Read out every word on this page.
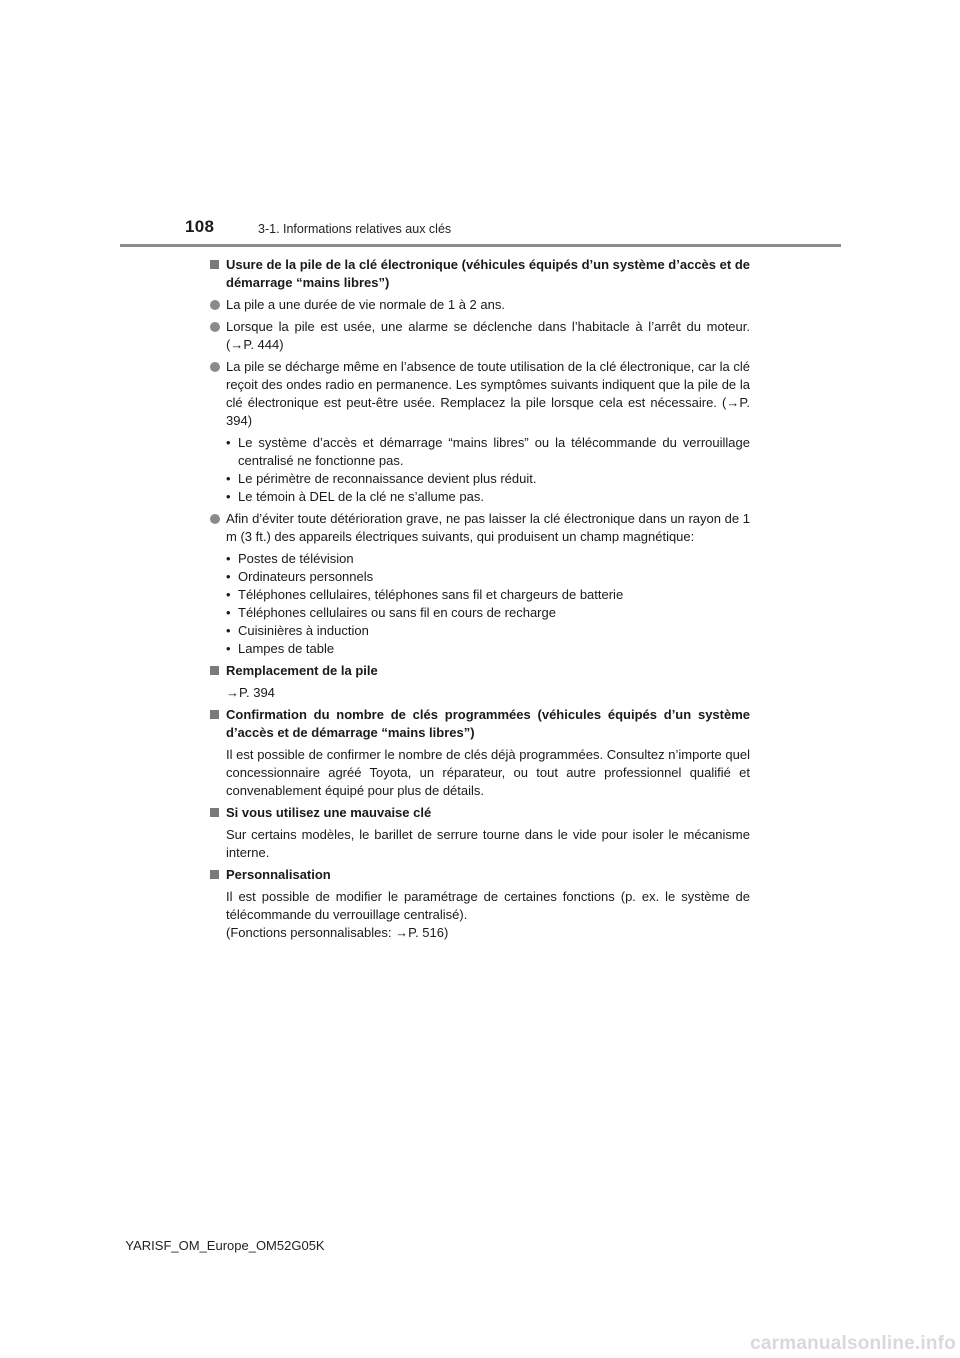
108	3-1. Informations relatives aux clés
Usure de la pile de la clé électronique (véhicules équipés d’un système d’accès et de démarrage “mains libres”)
La pile a une durée de vie normale de 1 à 2 ans.
Lorsque la pile est usée, une alarme se déclenche dans l’habitacle à l’arrêt du moteur. (→P. 444)
La pile se décharge même en l’absence de toute utilisation de la clé électronique, car la clé reçoit des ondes radio en permanence. Les symptômes suivants indiquent que la pile de la clé électronique est peut-être usée. Remplacez la pile lorsque cela est nécessaire. (→P. 394)
• Le système d’accès et démarrage “mains libres” ou la télécommande du verrouillage centralisé ne fonctionne pas.
• Le périmètre de reconnaissance devient plus réduit.
• Le témoin à DEL de la clé ne s’allume pas.
Afin d’éviter toute détérioration grave, ne pas laisser la clé électronique dans un rayon de 1 m (3 ft.) des appareils électriques suivants, qui produisent un champ magnétique:
• Postes de télévision
• Ordinateurs personnels
• Téléphones cellulaires, téléphones sans fil et chargeurs de batterie
• Téléphones cellulaires ou sans fil en cours de recharge
• Cuisinières à induction
• Lampes de table
Remplacement de la pile
→P. 394
Confirmation du nombre de clés programmées (véhicules équipés d’un système d’accès et de démarrage “mains libres”)
Il est possible de confirmer le nombre de clés déjà programmées. Consultez n’importe quel concessionnaire agréé Toyota, un réparateur, ou tout autre professionnel qualifié et convenablement équipé pour plus de détails.
Si vous utilisez une mauvaise clé
Sur certains modèles, le barillet de serrure tourne dans le vide pour isoler le mécanisme interne.
Personnalisation
Il est possible de modifier le paramétrage de certaines fonctions (p. ex. le système de télécommande du verrouillage centralisé).
(Fonctions personnalisables: →P. 516)
YARISF_OM_Europe_OM52G05K
carmanualsonline.info
